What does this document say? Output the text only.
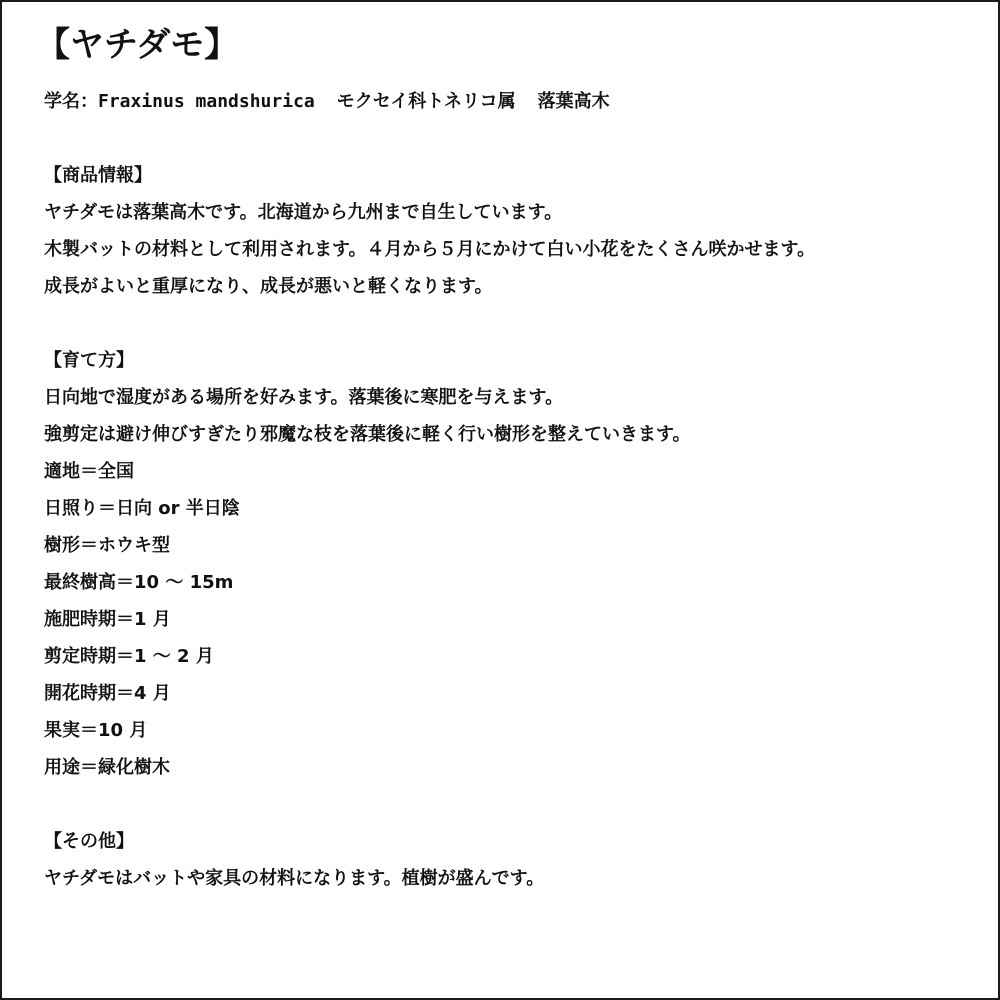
【ヤチダモ】

学名：Fraxinus mandshurica モクセイ科トネリコ属 落葉高木

【商品情報】

ヤチダモは落葉高木です。北海道から九州まで自生しています。

木製バットの材料として利用されます。４月から５月にかけて白い小花をたくさん咲かせます。

成長がよいと重厚になり、成長が悪いと軽くなります。

【育て方】

日向地で湿度がある場所を好みます。落葉後に寒肥を与えます。

強剪定は避け伸びすぎたり邪魔な枝を落葉後に軽く行い樹形を整えていきます。

適地＝全国

日照り＝日向 or 半日陰

樹形＝ホウキ型

最終樹高＝10 ～ 15m

施肥時期＝1 月

剪定時期＝1 ～ 2 月

開花時期＝4 月

果実＝10 月

用途＝緑化樹木

【その他】

ヤチダモはバットや家具の材料になります。植樹が盛んです。
